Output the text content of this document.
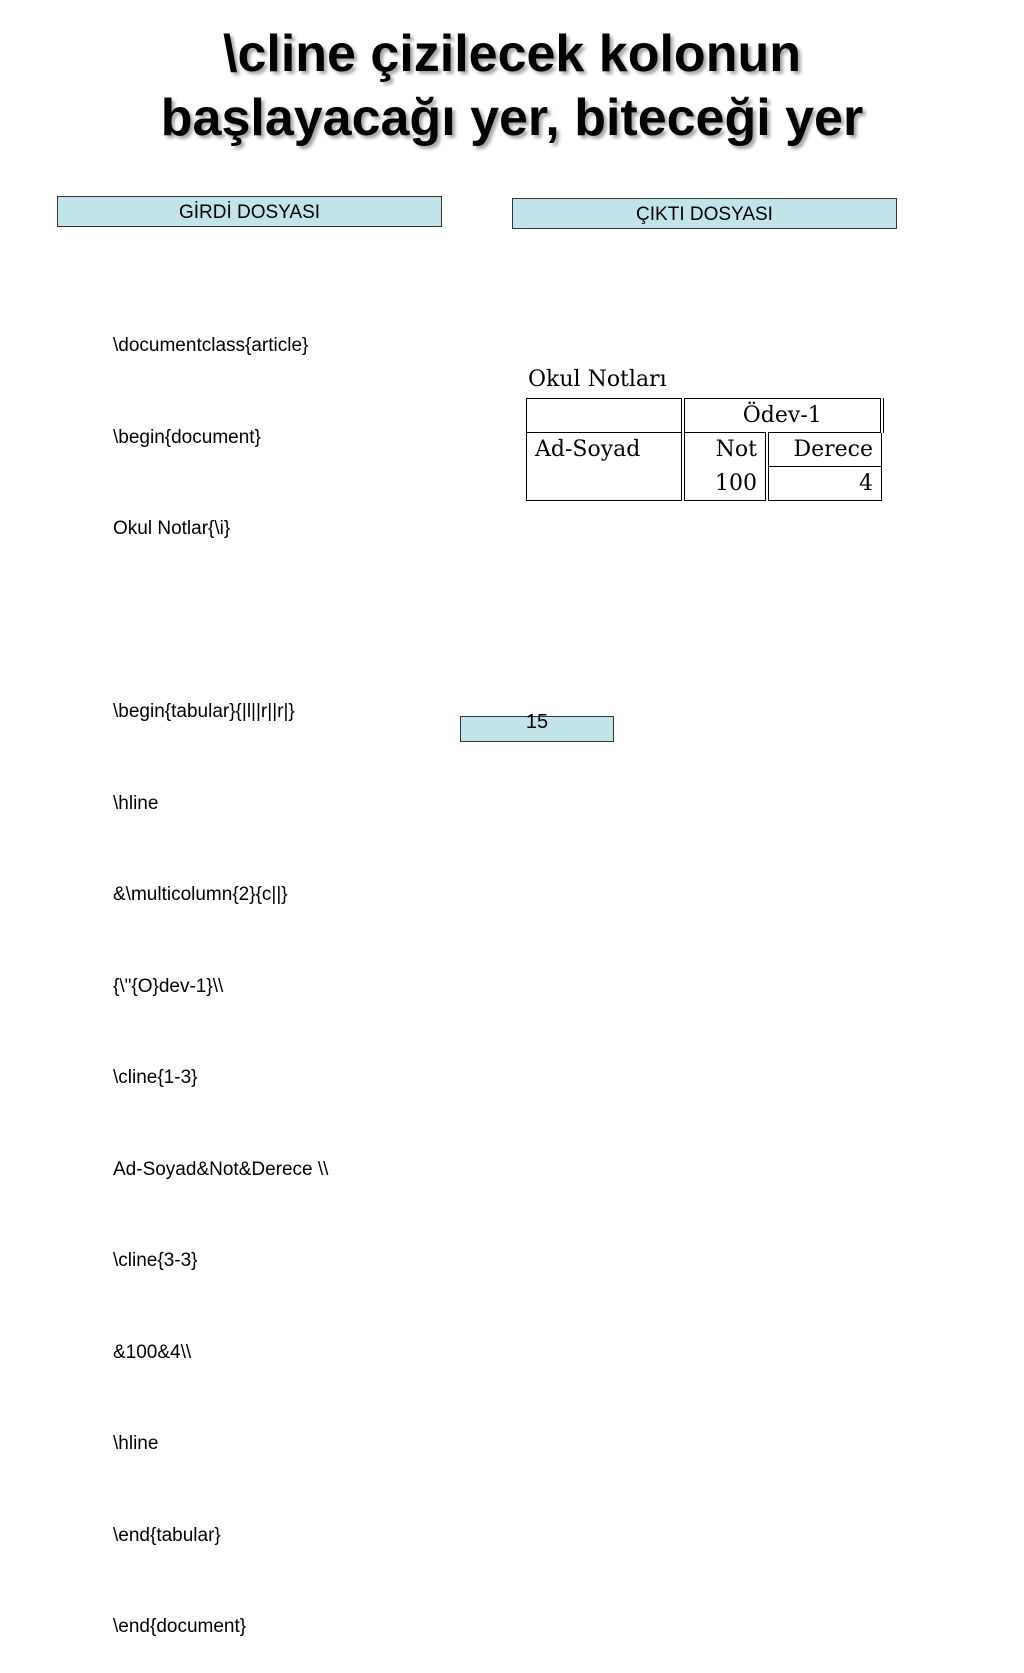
\cline çizilecek kolonun
başlayacağı yer, biteceği yer
GİRDİ DOSYASI	ÇIKTI DOSYASI

\documentclass{article}

\begin{document}

Okul Notlar{\i}

\begin{tabular}{|l||r||r|}

\hline

&\multicolumn{2}{c||}

{\"{O}dev-1}\\

\cline{1-3}

Ad-Soyad&Not&Derece \\

\cline{3-3}

&100&4\\

\hline

\end{tabular}

\end{document}

Okul Notları
	Ödev-1	
Ad-Soyad	Not	Derece
	100	4
15
